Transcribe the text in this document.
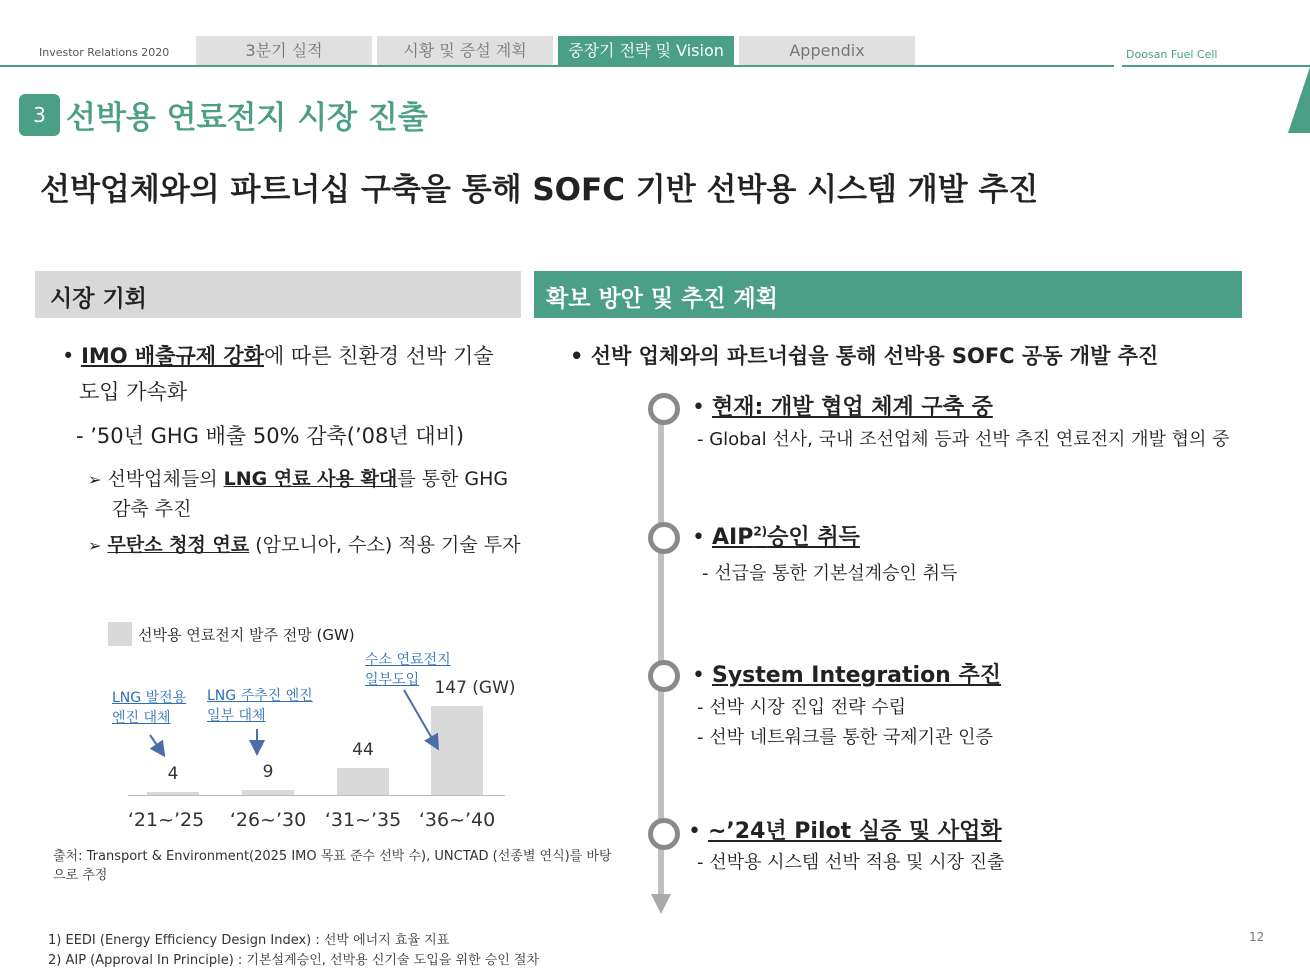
Investor Relations 2020	3분기 실적	시황 및 증설 계획	중장기 전략 및 Vision	Appendix	Doosan Fuel Cell
3 선박용 연료전지 시장 진출
선박업체와의 파트너십 구축을 통해 SOFC 기반 선박용 시스템 개발 추진
시장 기회
• IMO 배출규제 강화에 따른 친환경 선박 기술
도입 가속화
- ’50년 GHG 배출 50% 감축(’08년 대비)
➢ 선박업체들의 LNG 연료 사용 확대를 통한 GHG
감축 추진
➢ 무탄소 청정 연료 (암모니아, 수소) 적용 기술 투자
선박용 연료전지 발주 전망 (GW)
4
‘21~’25
9
‘26~’30
44
‘31~’35
147 (GW)
‘36~’40
LNG 발전용
엔진 대체
LNG 주추진 엔진
일부 대체
수소 연료전지
일부도입
출처: Transport & Environment(2025 IMO 목표 준수 선박 수), UNCTAD (선종별 연식)를 바탕으로 추정
확보 방안 및 추진 계획
• 선박 업체와의 파트너쉽을 통해 선박용 SOFC 공동 개발 추진
• 현재: 개발 협업 체계 구축 중
- Global 선사, 국내 조선업체 등과 선박 추진 연료전지 개발 협의 중
• AIP$^{2)}$승인 취득
- 선급을 통한 기본설계승인 취득
• System Integration 추진
- 선박 시장 진입 전략 수립
- 선박 네트워크를 통한 국제기관 인증
• ~’24년 Pilot 실증 및 사업화
- 선박용 시스템 선박 적용 및 시장 진출
1) EEDI (Energy Efficiency Design Index) : 선박 에너지 효율 지표
2) AIP (Approval In Principle) : 기본설계승인, 선박용 신기술 도입을 위한 승인 절차
12
